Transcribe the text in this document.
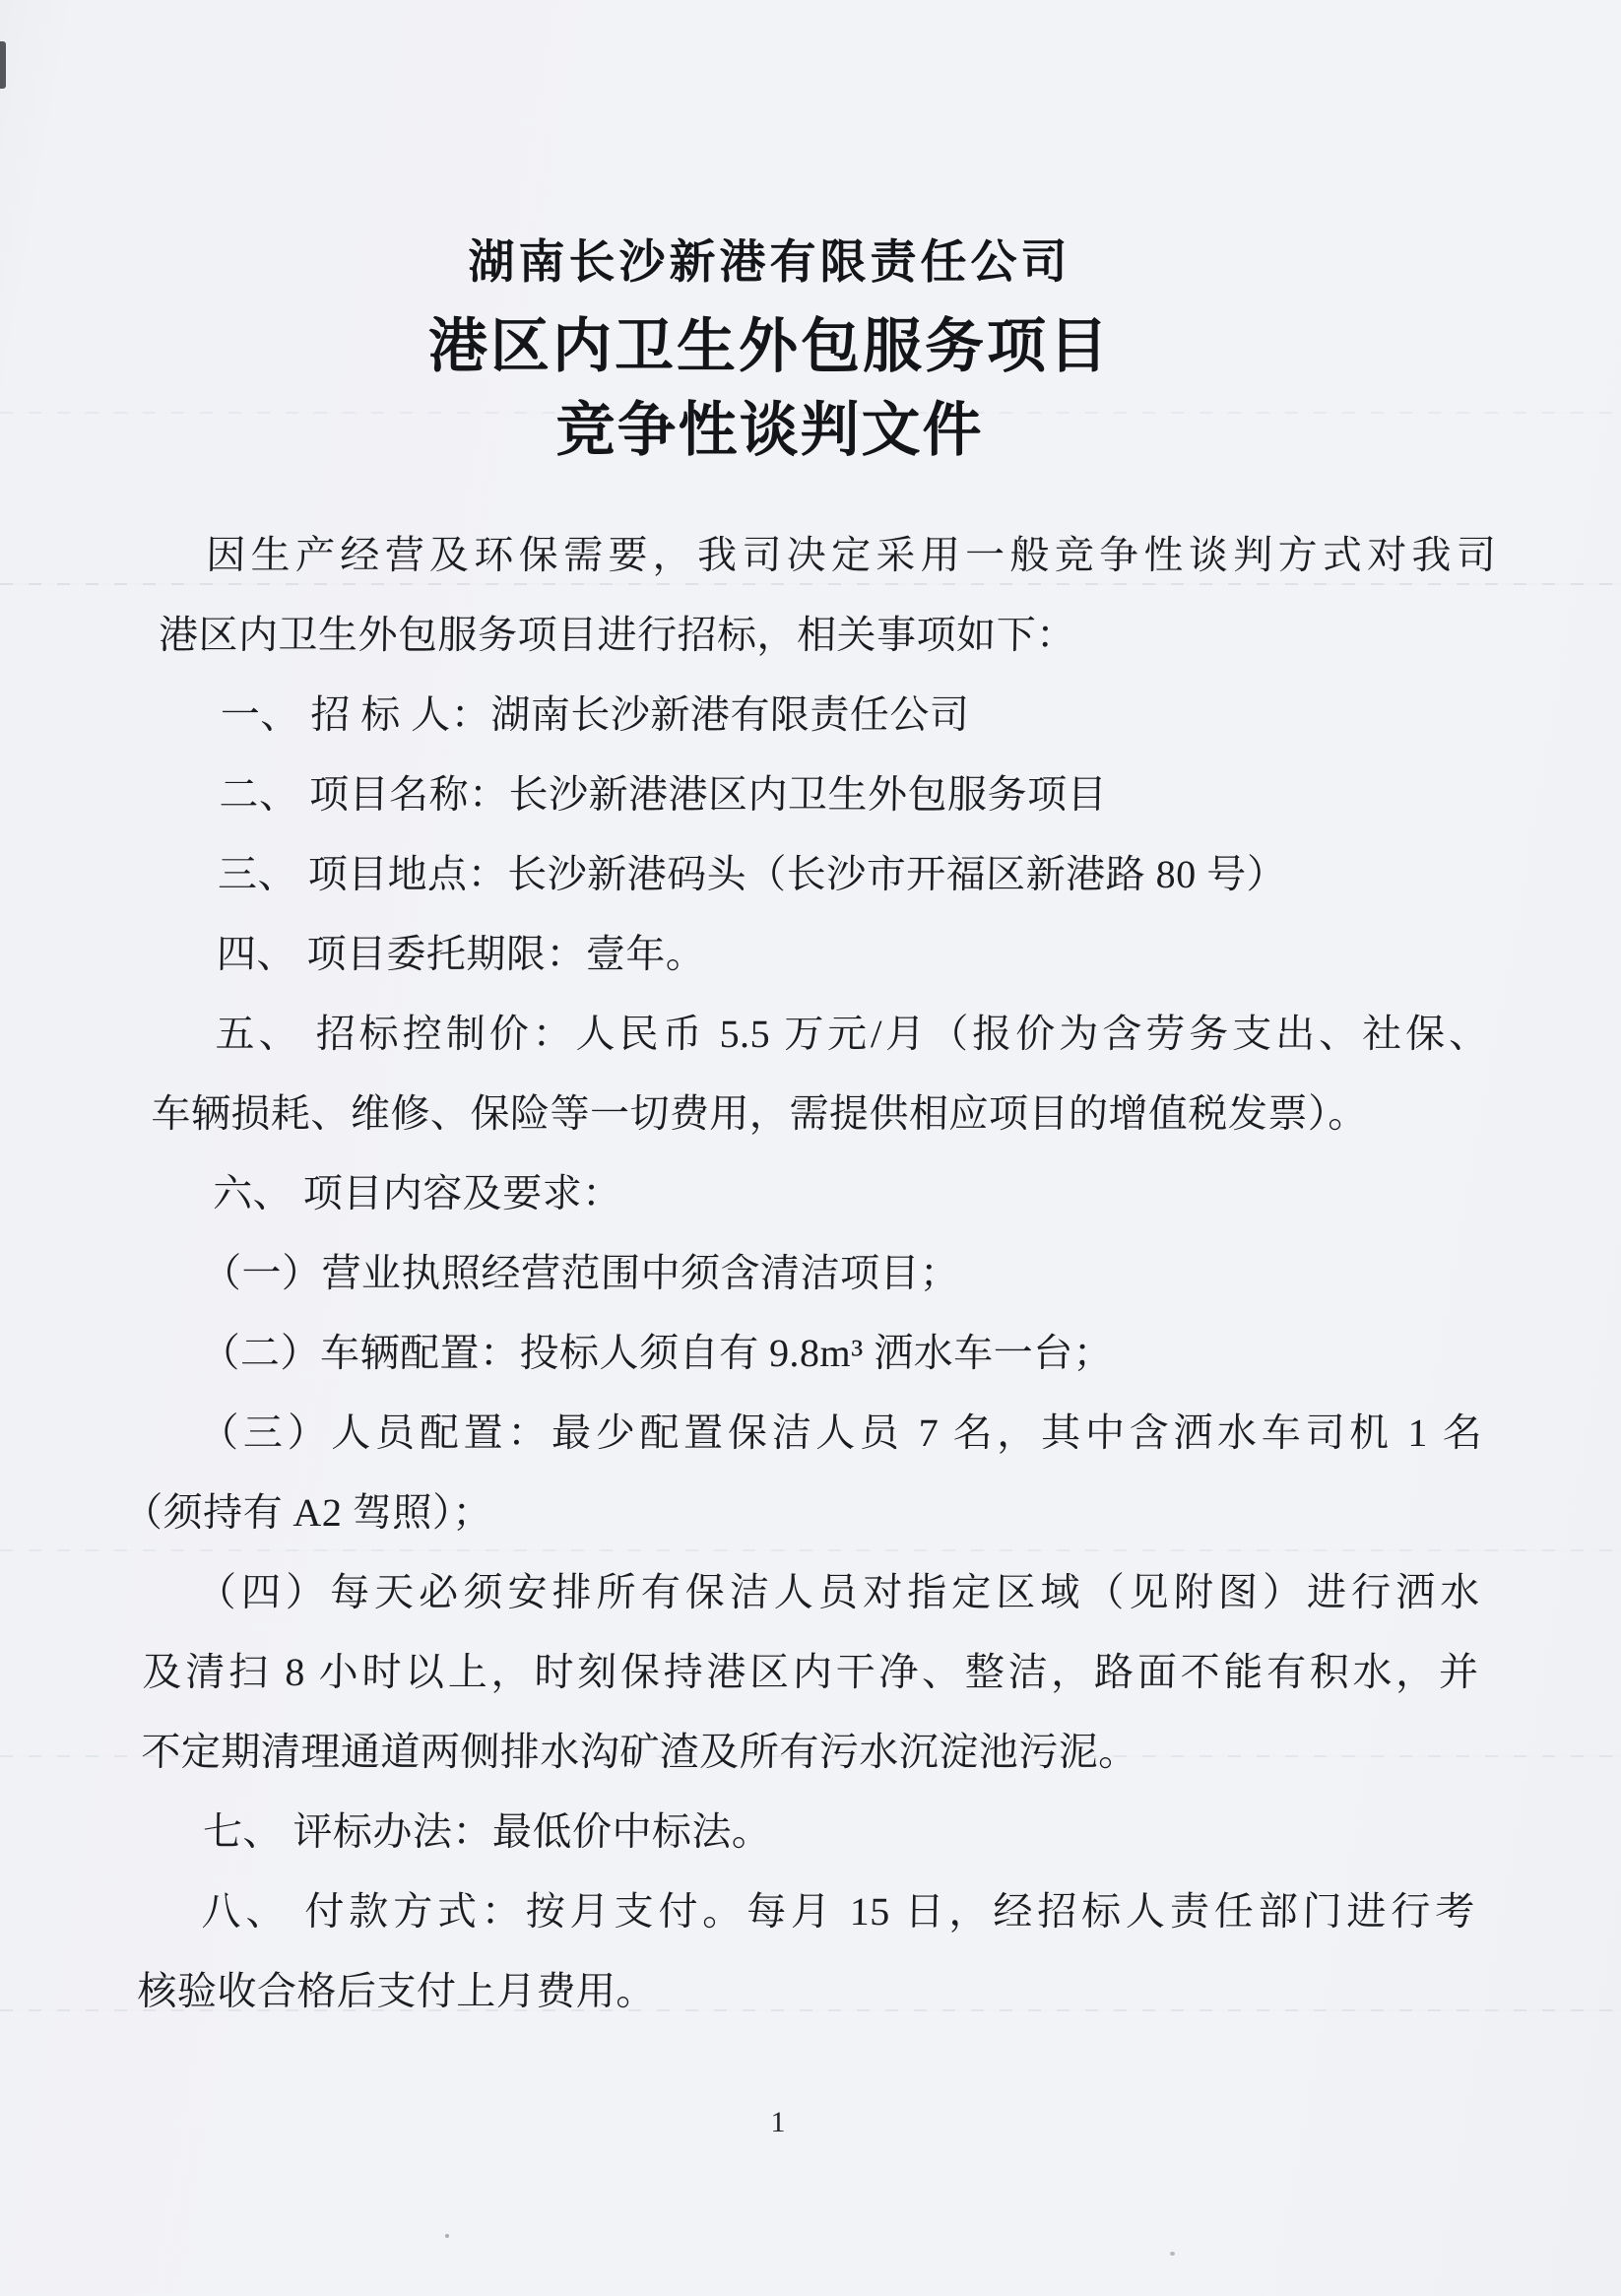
湖南长沙新港有限责任公司
港区内卫生外包服务项目
竞争性谈判文件
因生产经营及环保需要，我司决定采用一般竞争性谈判方式对我司
港区内卫生外包服务项目进行招标，相关事项如下：
一、 招 标 人：湖南长沙新港有限责任公司
二、 项目名称：长沙新港港区内卫生外包服务项目
三、 项目地点：长沙新港码头（长沙市开福区新港路 80 号）
四、 项目委托期限：壹年。
五、 招标控制价：人民币 5.5 万元/月（报价为含劳务支出、社保、
车辆损耗、维修、保险等一切费用，需提供相应项目的增值税发票）。
六、 项目内容及要求：
（一）营业执照经营范围中须含清洁项目；
（二）车辆配置：投标人须自有 9.8m³ 洒水车一台；
（三）人员配置：最少配置保洁人员 7 名，其中含洒水车司机 1 名
（须持有 A2 驾照）；
（四）每天必须安排所有保洁人员对指定区域（见附图）进行洒水
及清扫 8 小时以上，时刻保持港区内干净、整洁，路面不能有积水，并
不定期清理通道两侧排水沟矿渣及所有污水沉淀池污泥。
七、 评标办法：最低价中标法。
八、 付款方式：按月支付。每月 15 日，经招标人责任部门进行考
核验收合格后支付上月费用。
1
